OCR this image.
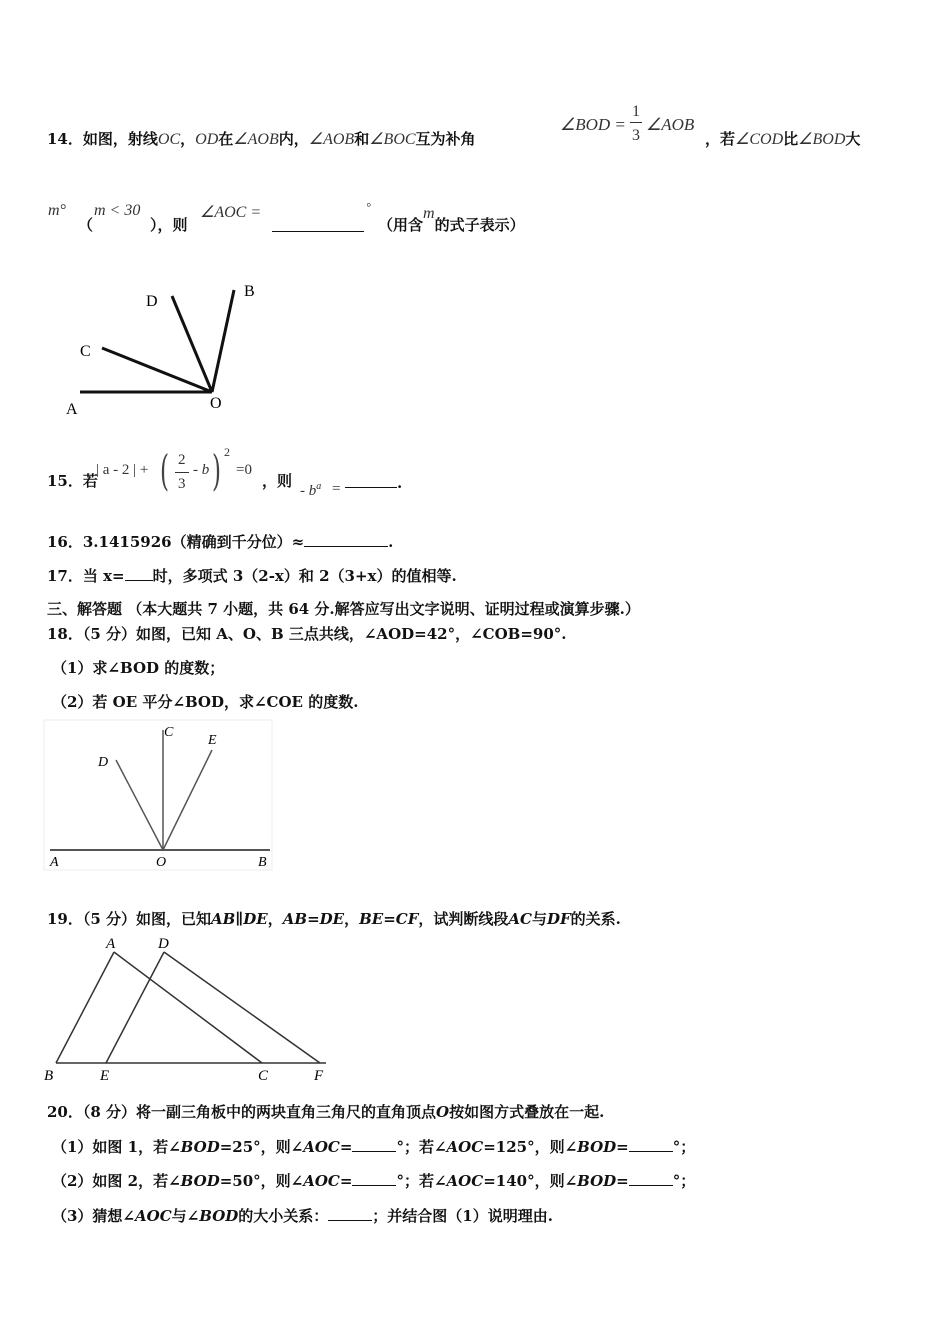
14．如图，射线OC，OD在∠AOB内，∠AOB和∠BOC互为补角
∠BOD =
1
3
∠AOB
，若∠COD比∠BOD大
m°
（
m < 30
），则
∠AOC =	°
（用含m的式子表示）
D
B
C
A	O
15．若
| a - 2 | + ( 2
3
- b ) 2
=0
，则
- $b^a$ =	.
16．3.1415926（精确到千分位）≈	.
17．当 x= 时，多项式 3（2-x）和 2（3+x）的值相等.
三、解答题 （本大题共 7 小题，共 64 分.解答应写出文字说明、证明过程或演算步骤.）
18．（5 分）如图，已知 A、O、B 三点共线，∠AOD=42°，∠COB=90°.
（1）求∠BOD 的度数；
（2）若 OE 平分∠BOD，求∠COE 的度数.
C
E
D
A	O	B
19．（5 分）如图，已知AB∥DE，AB=DE，BE=CF，试判断线段AC与DF的关系.
A	D
B	E	C	F
20．（8 分）将一副三角板中的两块直角三角尺的直角顶点O按如图方式叠放在一起.
（1）如图 1，若∠BOD=25°，则∠AOC=	°；若∠AOC=125°，则∠BOD=	°；
（2）如图 2，若∠BOD=50°，则∠AOC=	°；若∠AOC=140°，则∠BOD=	°；
（3）猜想∠AOC与∠BOD的大小关系：	；并结合图（1）说明理由.
